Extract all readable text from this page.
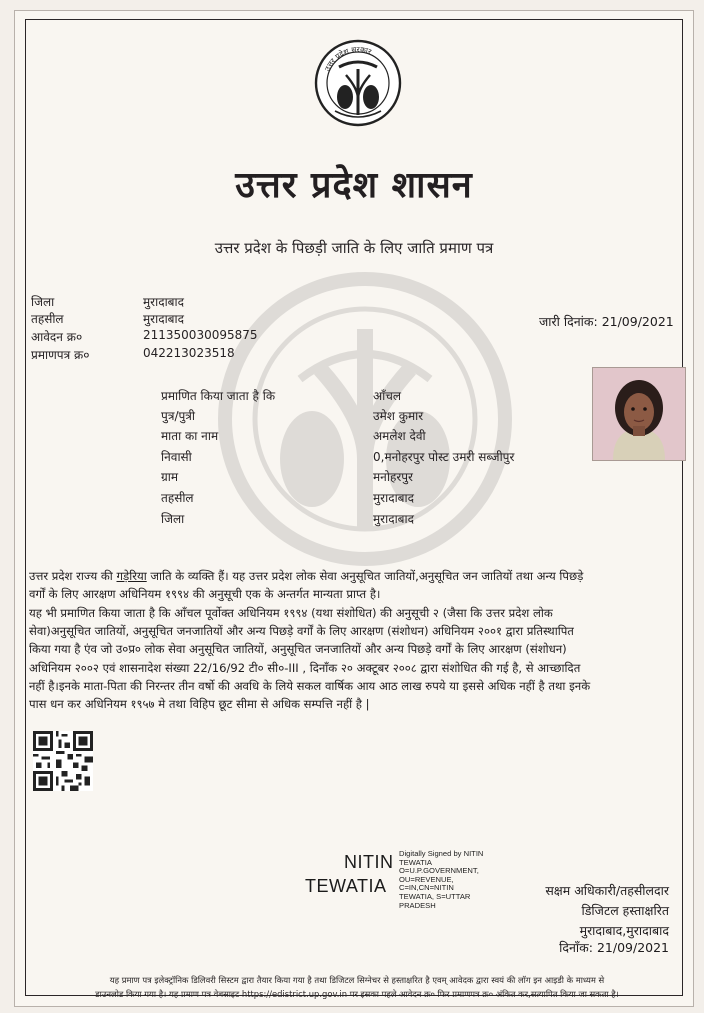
उत्तर प्रदेश सरकार
उत्तर प्रदेश शासन
उत्तर प्रदेश के पिछड़ी जाति के लिए जाति प्रमाण पत्र
जिला	मुरादाबाद
तहसील	मुरादाबाद
आवेदन क्र०	211350030095875
प्रमाणपत्र क्र०	042213023518
जारी दिनांक: 21/09/2021
प्रमाणित किया जाता है कि	आँचल
पुत्र/पुत्री	उमेश कुमार
माता का नाम	अमलेश देवी
निवासी	0,मनोहरपुर पोस्ट उमरी सब्जीपुर
ग्राम	मनोहरपुर
तहसील	मुरादाबाद
जिला	मुरादाबाद
उत्तर प्रदेश राज्य की गड़ेरिया जाति के व्यक्ति हैं। यह उत्तर प्रदेश लोक सेवा अनुसूचित जातियों,अनुसूचित जन जातियों तथा अन्य पिछड़े
वर्गों के लिए आरक्षण अधिनियम १९९४ की अनुसूची एक के अन्तर्गत मान्यता प्राप्त है।
यह भी प्रमाणित किया जाता है कि आँचल पूर्वोक्त अधिनियम १९९४ (यथा संशोधित) की अनुसूची २ (जैसा कि उत्तर प्रदेश लोक
सेवा)अनुसूचित जातियों, अनुसूचित जनजातियों और अन्य पिछड़े वर्गों के लिए आरक्षण (संशोधन) अधिनियम २००१ द्वारा प्रतिस्थापित
किया गया है एंव जो उ०प्र० लोक सेवा अनुसूचित जातियों, अनुसूचित जनजातियों और अन्य पिछड़े वर्गों के लिए आरक्षण (संशोधन)
अधिनियम २००२ एवं शासनादेश संख्या 22/16/92 टी० सी०-III , दिनाँक २० अक्टूबर २००८ द्वारा संशोधित की गई है, से आच्छादित
नहीं है।इनके माता-पिता की निरन्तर तीन वर्षो की अवधि के लिये सकल वार्षिक आय आठ लाख रुपये या इससे अधिक नहीं है तथा इनके
पास धन कर अधिनियम १९५७ मे तथा विहिप छूट सीमा से अधिक सम्पत्ति नहीं है |
NITIN
TEWATIA
Digitally Signed by NITIN
TEWATIA
O=U.P.GOVERNMENT,
OU=REVENUE,
C=IN,CN=NITIN
TEWATIA, S=UTTAR
PRADESH
सक्षम अधिकारी/तहसीलदार
डिजिटल हस्ताक्षरित
मुरादाबाद,मुरादाबाद
दिनाँक: 21/09/2021
यह प्रमाण पत्र इलेक्ट्रॉनिक डिलिवरी सिस्टम द्वारा तैयार किया गया है तथा डिजिटल सिग्नेचर से हस्ताक्षरित है एवम् आवेदक द्वारा स्वयं की लॉग इन आइडी के माध्यम से
डाउनलोड किया गया है। यह प्रमाण पत्र वेबसाइट https://edistrict.up.gov.in पर इसका पहले आवेदन क्र० फिर प्रमाणपत्र क्र० अंकित कर,सत्यापित किया जा सकता है।
